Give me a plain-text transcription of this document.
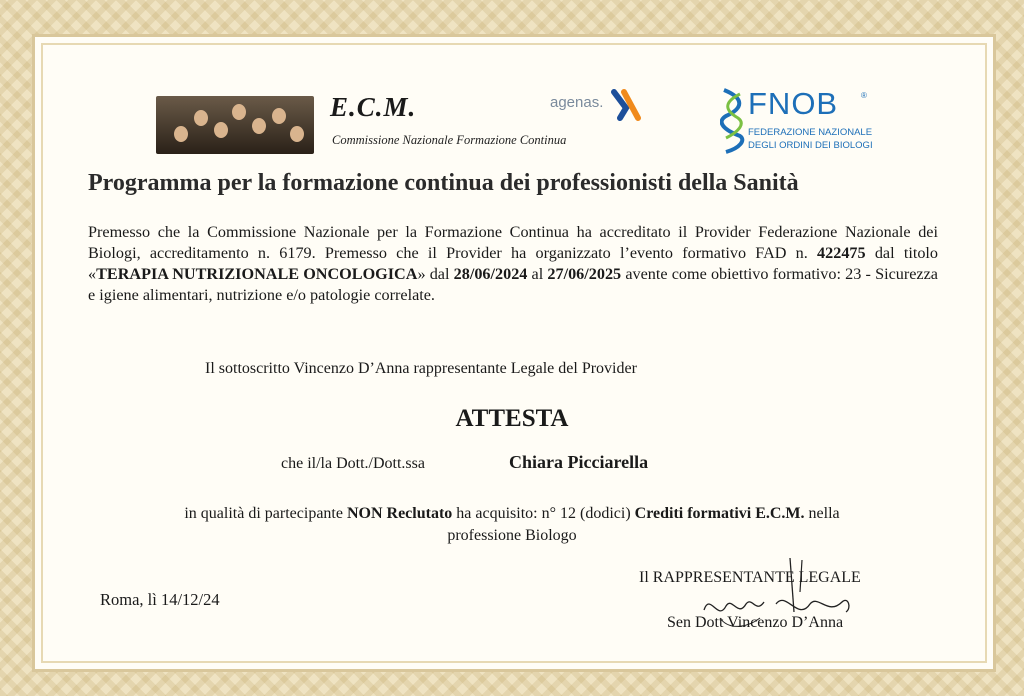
E.C.M.
Commissione Nazionale Formazione Continua
agenas.	FNOB	®
FEDERAZIONE NAZIONALE
DEGLI ORDINI DEI BIOLOGI
Programma per la formazione continua dei professionisti della Sanità
Premesso che la Commissione Nazionale per la Formazione Continua ha accreditato il Provider Federazione Nazionale dei Biologi, accreditamento n. 6179. Premesso che il Provider ha organizzato l’evento formativo FAD n. 422475 dal titolo «TERAPIA NUTRIZIONALE ONCOLOGICA» dal 28/06/2024 al 27/06/2025 avente come obiettivo formativo: 23 - Sicurezza e igiene alimentari, nutrizione e/o patologie correlate.
Il sottoscritto Vincenzo D’Anna rappresentante Legale del Provider
ATTESTA
che il/la Dott./Dott.ssa	Chiara Picciarella
in qualità di partecipante NON Reclutato ha acquisito: n° 12 (dodici) Crediti formativi E.C.M. nella
professione Biologo
Roma, lì 14/12/24
Il RAPPRESENTANTE LEGALE
Sen Dott Vincenzo D’Anna
